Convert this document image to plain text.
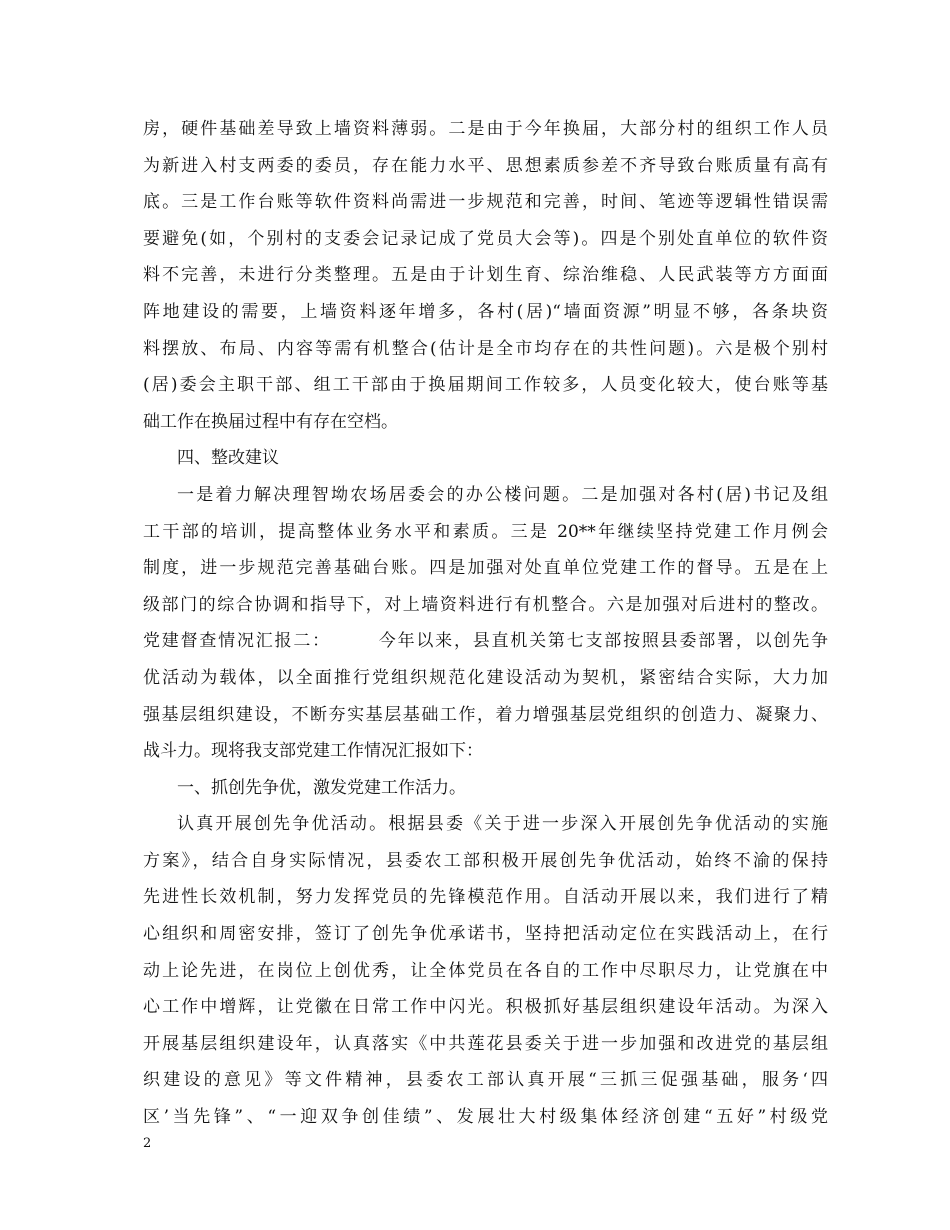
房，硬件基础差导致上墙资料薄弱。二是由于今年换届，大部分村的组织工作人员
为新进入村支两委的委员，存在能力水平、思想素质参差不齐导致台账质量有高有
底。三是工作台账等软件资料尚需进一步规范和完善，时间、笔迹等逻辑性错误需
要避免(如，个别村的支委会记录记成了党员大会等)。四是个别处直单位的软件资
料不完善，未进行分类整理。五是由于计划生育、综治维稳、人民武装等方方面面
阵地建设的需要，上墙资料逐年增多，各村(居)“墙面资源”明显不够，各条块资
料摆放、布局、内容等需有机整合(估计是全市均存在的共性问题)。六是极个别村
(居)委会主职干部、组工干部由于换届期间工作较多，人员变化较大，使台账等基
础工作在换届过程中有存在空档。
四、整改建议
一是着力解决理智坳农场居委会的办公楼问题。二是加强对各村(居)书记及组
工干部的培训，提高整体业务水平和素质。三是 20**年继续坚持党建工作月例会
制度，进一步规范完善基础台账。四是加强对处直单位党建工作的督导。五是在上
级部门的综合协调和指导下，对上墙资料进行有机整合。六是加强对后进村的整改。
党建督查情况汇报二：　　　今年以来，县直机关第七支部按照县委部署，以创先争
优活动为载体，以全面推行党组织规范化建设活动为契机，紧密结合实际，大力加
强基层组织建设，不断夯实基层基础工作，着力增强基层党组织的创造力、凝聚力、
战斗力。现将我支部党建工作情况汇报如下：
一、抓创先争优，激发党建工作活力。
认真开展创先争优活动。根据县委《关于进一步深入开展创先争优活动的实施
方案》，结合自身实际情况，县委农工部积极开展创先争优活动，始终不渝的保持
先进性长效机制，努力发挥党员的先锋模范作用。自活动开展以来，我们进行了精
心组织和周密安排，签订了创先争优承诺书，坚持把活动定位在实践活动上，在行
动上论先进，在岗位上创优秀，让全体党员在各自的工作中尽职尽力，让党旗在中
心工作中增辉，让党徽在日常工作中闪光。积极抓好基层组织建设年活动。为深入
开展基层组织建设年，认真落实《中共莲花县委关于进一步加强和改进党的基层组
织建设的意见》等文件精神，县委农工部认真开展“三抓三促强基础，服务‘四
区’当先锋”、“一迎双争创佳绩”、发展壮大村级集体经济创建“五好”村级党
2
